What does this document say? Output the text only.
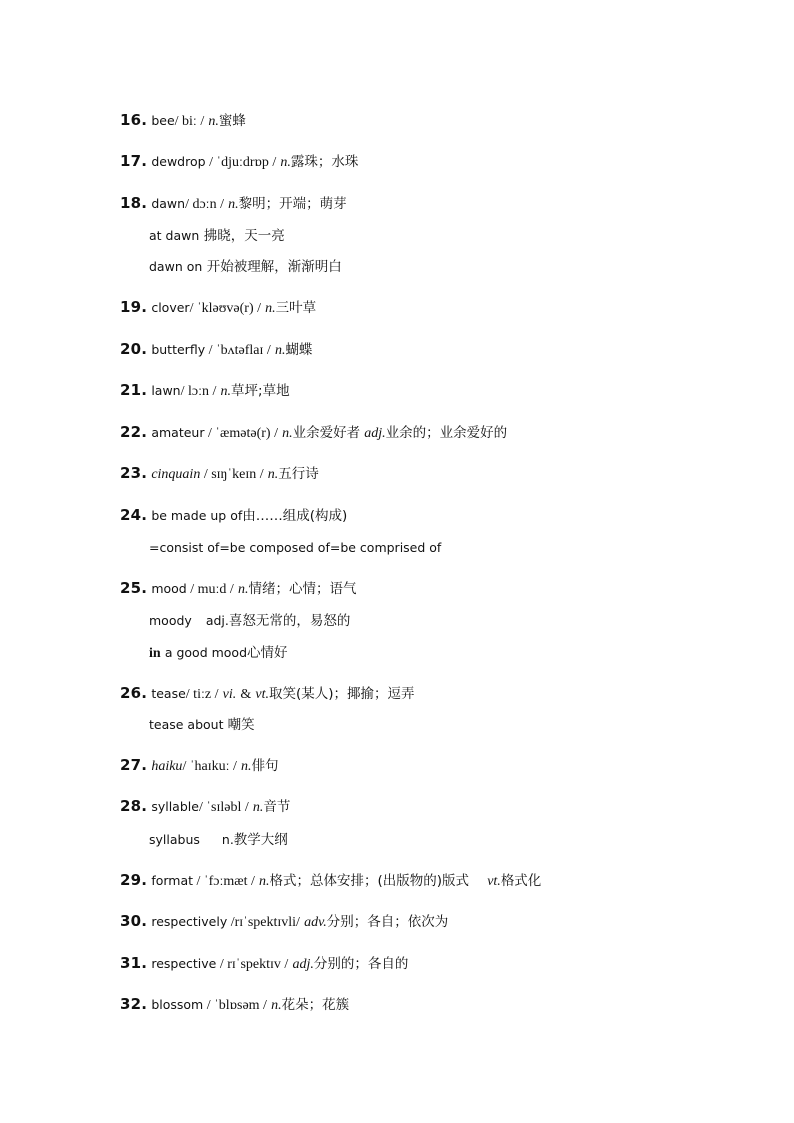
16. bee/ biː / n.蜜蜂
17. dewdrop / ˈdjuːdrɒp / n.露珠；水珠
18. dawn/ dɔːn / n.黎明；开端；萌芽
at dawn 拂晓，天一亮
dawn on 开始被理解，渐渐明白
19. clover/ ˈkləʊvə(r) / n.三叶草
20. butterfly / ˈbʌtəflaɪ / n.蝴蝶
21. lawn/ lɔːn / n.草坪;草地
22. amateur / ˈæmətə(r) / n.业余爱好者 adj.业余的；业余爱好的
23. cinquain / sɪŋˈkeɪn / n.五行诗
24. be made up of由……组成(构成)
=consist of=be composed of=be comprised of
25. mood / muːd / n.情绪；心情；语气
moody adj.喜怒无常的，易怒的
in a good mood心情好
26. tease/ tiːz / vi. & vt.取笑(某人)；揶揄；逗弄
tease about 嘲笑
27. haiku/ ˈhaɪkuː / n.俳句
28. syllable/ ˈsɪləbl / n.音节
syllabus n.教学大纲
29. format / ˈfɔːmæt / n.格式；总体安排；(出版物的)版式 vt.格式化
30. respectively /rɪˈspektɪvli/ adv.分别；各自；依次为
31. respective / rɪˈspektɪv / adj.分别的；各自的
32. blossom / ˈblɒsəm / n.花朵；花簇
